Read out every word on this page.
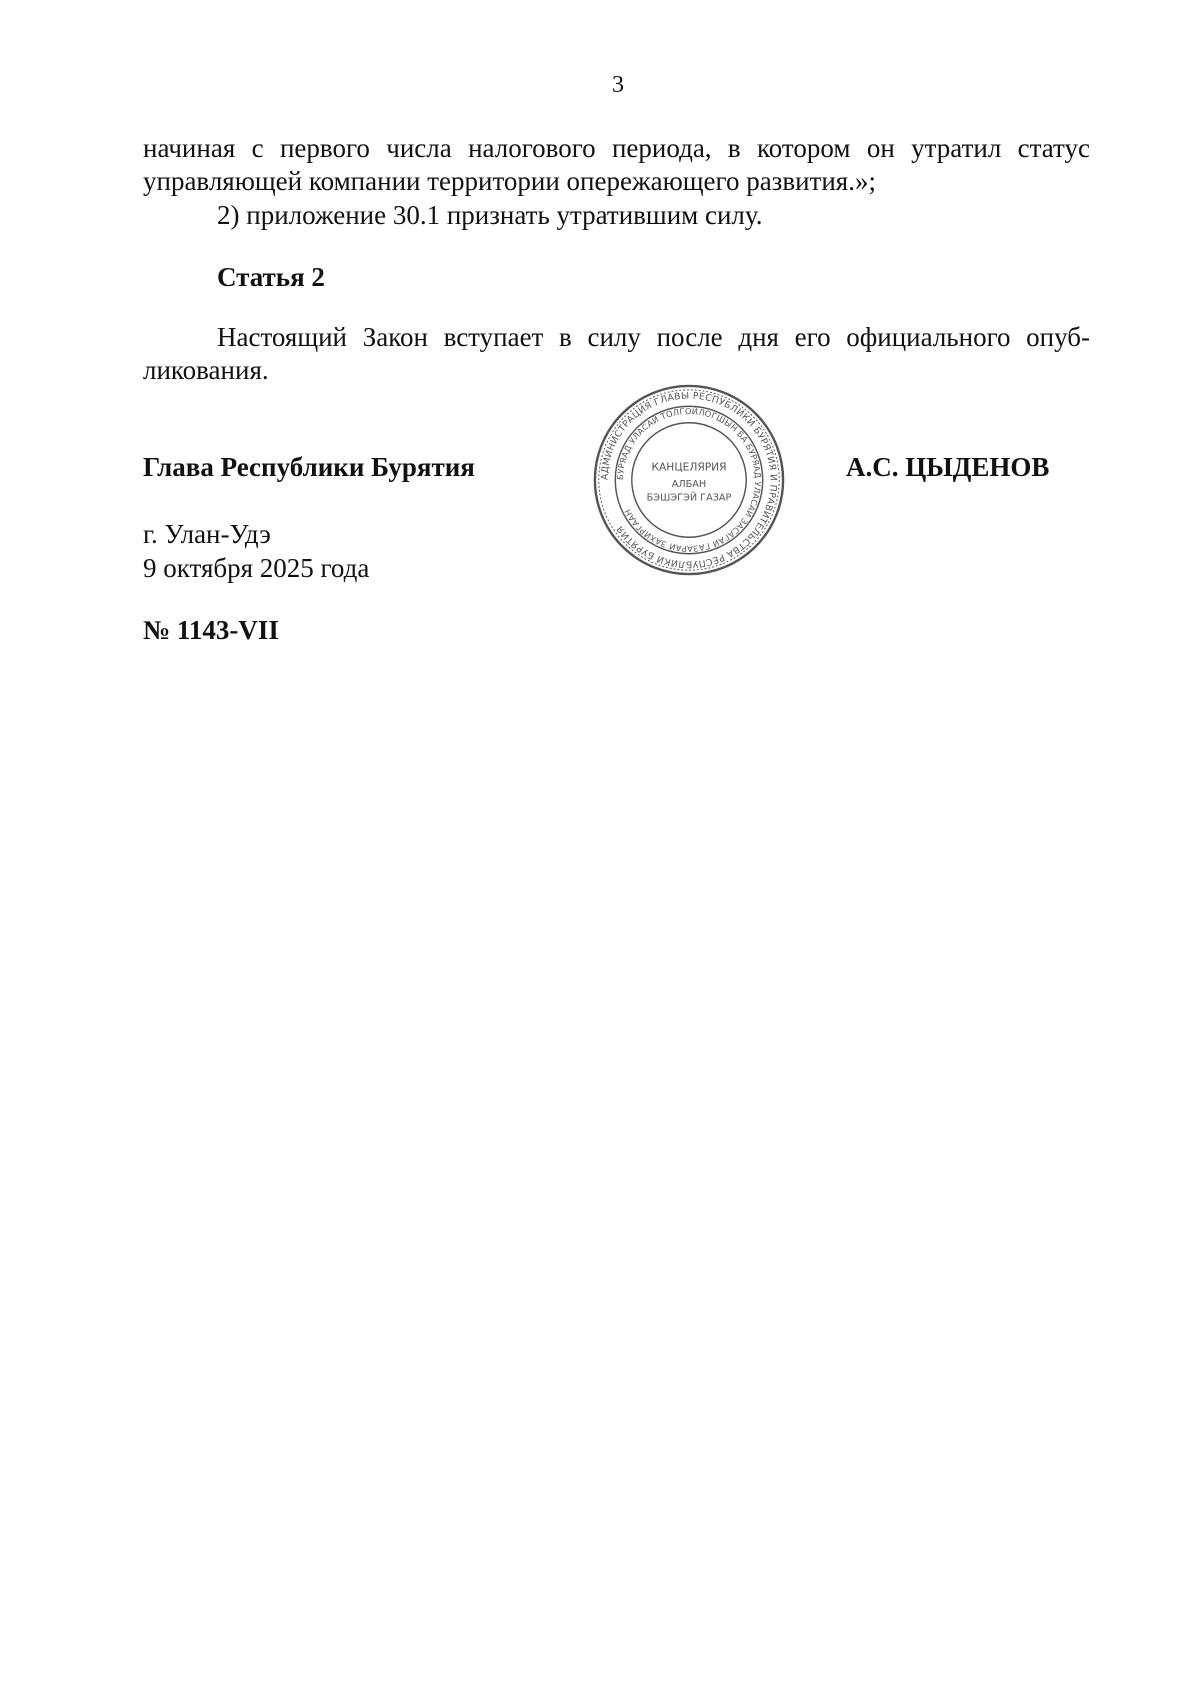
3
начиная с первого числа налогового периода, в котором он утратил статус
управляющей компании территории опережающего развития.»;
2) приложение 30.1 признать утратившим силу.
Статья 2
Настоящий Закон вступает в силу после дня его официального опуб-
ликования.
Глава Республики Бурятия	АДМИНИСТРАЦИЯ ГЛАВЫ РЕСПУБЛИКИ БУРЯТИЯ И ПРАВИТЕЛЬСТВА РЕСПУБЛИКИ БУРЯТИЯ
БУРЯАД УЛАСАЙ ТОЛГОЙЛОГШЫН БА БУРЯАД УЛАСАЙ ЗАСАГАЙ ГАЗАРАЙ ЗАХИРГААН
КАНЦЕЛЯРИЯ
АЛБАН
БЭШЭГЭЙ ГАЗАР
А.С. ЦЫДЕНОВ
г. Улан-Удэ
9 октября 2025 года
№ 1143-VII
